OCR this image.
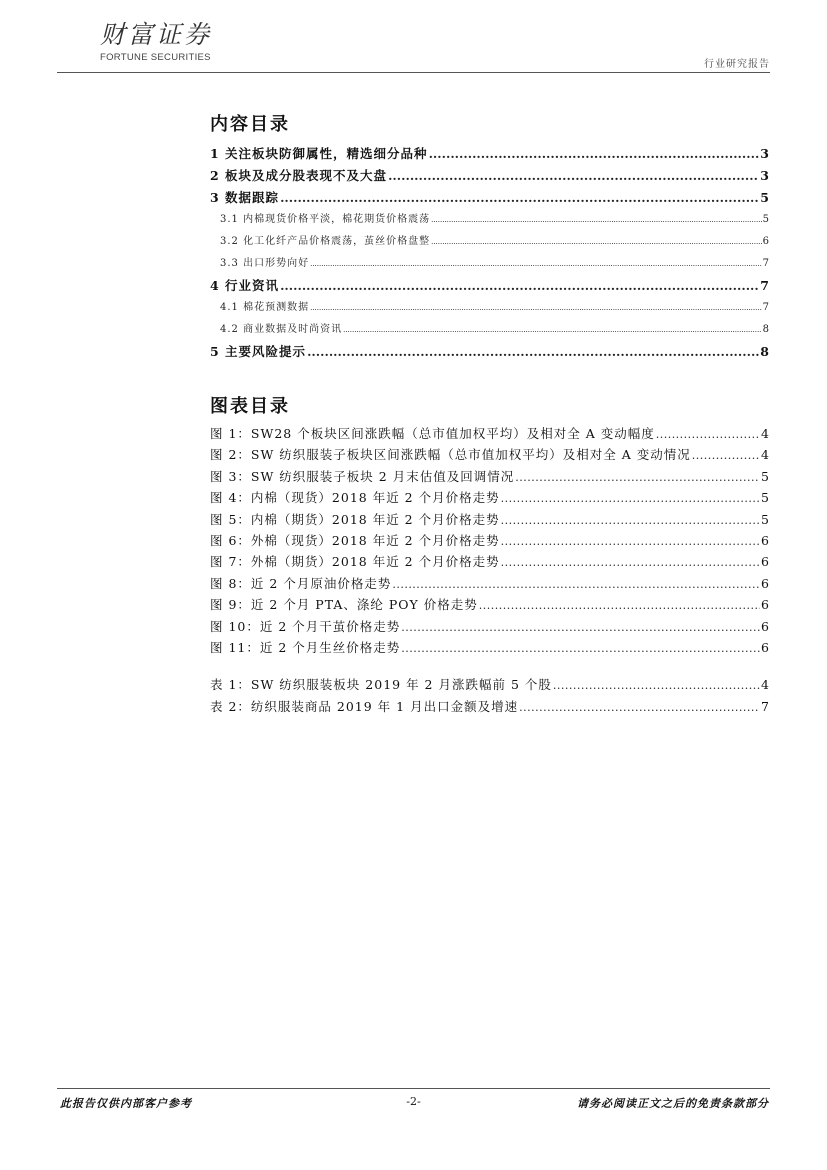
财富证券
FORTUNE SECURITIES
行业研究报告
内容目录
1 关注板块防御属性，精选细分品种 .....	3
2 板块及成分股表现不及大盘 .....	3
3 数据跟踪 .....	5
3.1 内棉现货价格平淡，棉花期货价格震荡 .....	5
3.2 化工化纤产品价格震荡，茧丝价格盘整 .....	6
3.3 出口形势向好 .....	7
4 行业资讯 .....	7
4.1 棉花预测数据 .....	7
4.2 商业数据及时尚资讯 .....	8
5 主要风险提示 .....	8
图表目录
图 1：SW28 个板块区间涨跌幅（总市值加权平均）及相对全 A 变动幅度 .....	4
图 2：SW 纺织服装子板块区间涨跌幅（总市值加权平均）及相对全 A 变动情况 .....	4
图 3：SW 纺织服装子板块 2 月末估值及回调情况 .....	5
图 4：内棉（现货）2018 年近 2 个月价格走势 .....	5
图 5：内棉（期货）2018 年近 2 个月价格走势 .....	5
图 6：外棉（现货）2018 年近 2 个月价格走势 .....	6
图 7：外棉（期货）2018 年近 2 个月价格走势 .....	6
图 8：近 2 个月原油价格走势 .....	6
图 9：近 2 个月 PTA、涤纶 POY 价格走势 .....	6
图 10：近 2 个月干茧价格走势 .....	6
图 11：近 2 个月生丝价格走势 .....	6
表 1：SW 纺织服装板块 2019 年 2 月涨跌幅前 5 个股 .....	4
表 2：纺织服装商品 2019 年 1 月出口金额及增速 .....	7
此报告仅供内部客户参考	-2-	请务必阅读正文之后的免责条款部分
